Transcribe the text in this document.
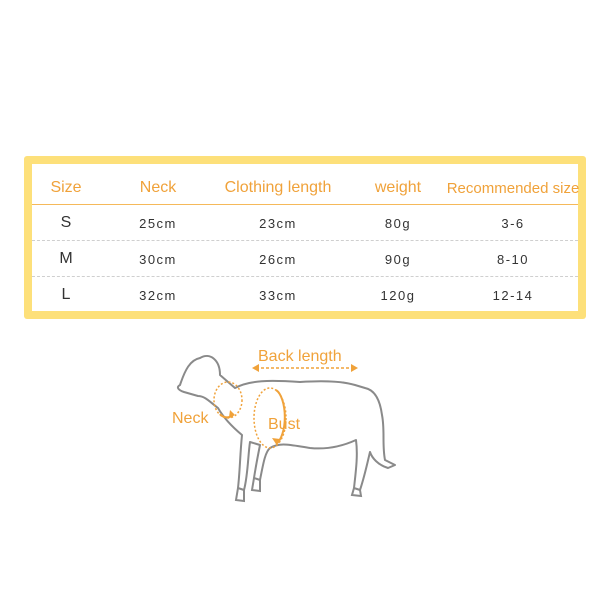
Size	Neck	Clothing length	weight	Recommended size
S	25cm	23cm	80g	3-6
M	30cm	26cm	90g	8-10
L	32cm	33cm	120g	12-14
Back length
Neck	Bust
